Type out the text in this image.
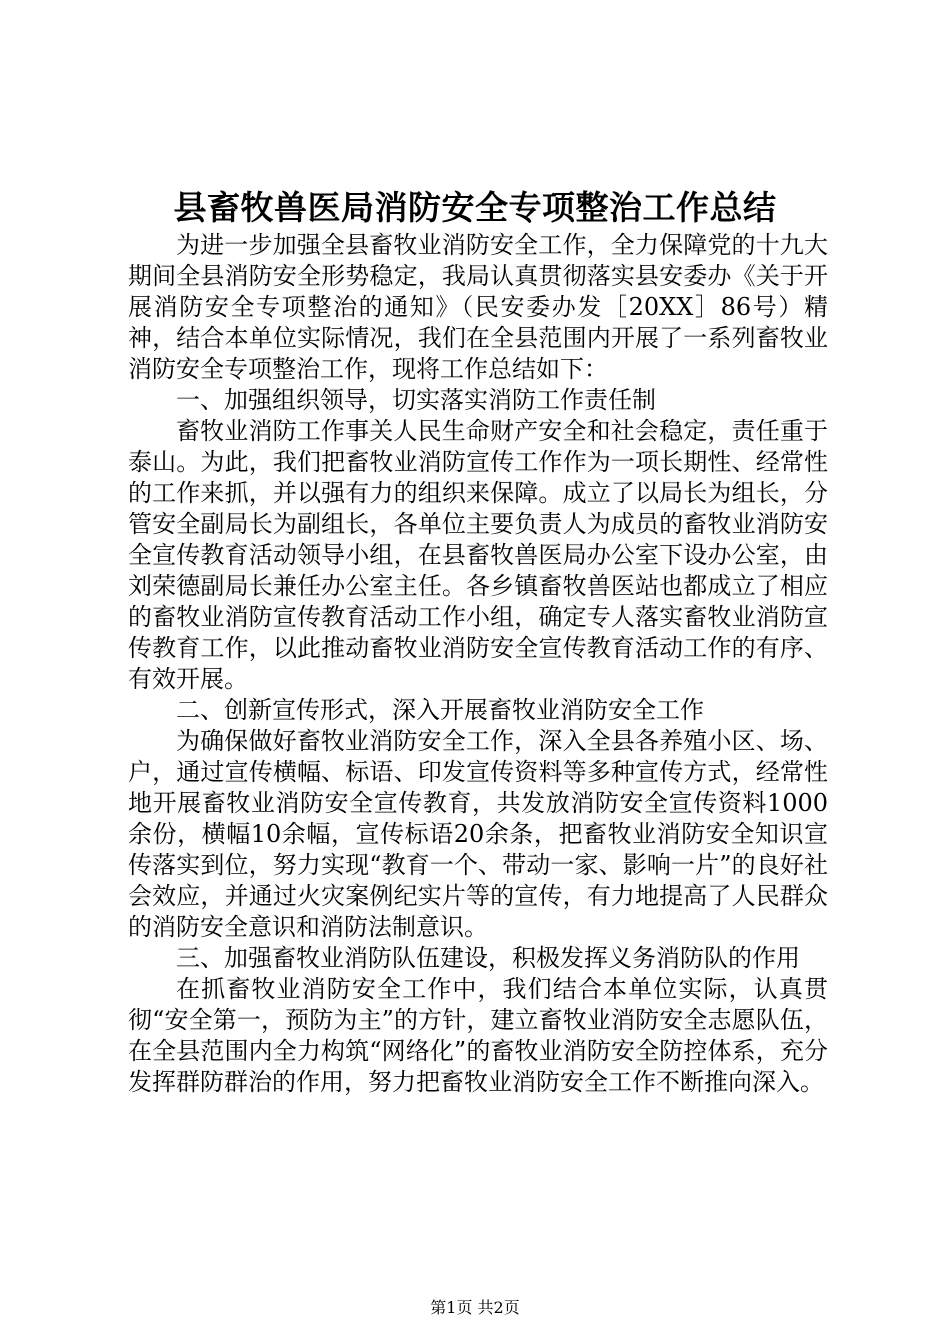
县畜牧兽医局消防安全专项整治工作总结

为进一步加强全县畜牧业消防安全工作，全力保障党的十九大期间全县消防安全形势稳定，我局认真贯彻落实县安委办《关于开展消防安全专项整治的通知》（民安委办发［20XX］86号）精神，结合本单位实际情况，我们在全县范围内开展了一系列畜牧业消防安全专项整治工作，现将工作总结如下：

一、加强组织领导，切实落实消防工作责任制

畜牧业消防工作事关人民生命财产安全和社会稳定，责任重于泰山。为此，我们把畜牧业消防宣传工作作为一项长期性、经常性的工作来抓，并以强有力的组织来保障。成立了以局长为组长，分管安全副局长为副组长，各单位主要负责人为成员的畜牧业消防安全宣传教育活动领导小组，在县畜牧兽医局办公室下设办公室，由刘荣德副局长兼任办公室主任。各乡镇畜牧兽医站也都成立了相应的畜牧业消防宣传教育活动工作小组，确定专人落实畜牧业消防宣传教育工作，以此推动畜牧业消防安全宣传教育活动工作的有序、有效开展。

二、创新宣传形式，深入开展畜牧业消防安全工作

为确保做好畜牧业消防安全工作，深入全县各养殖小区、场、户，通过宣传横幅、标语、印发宣传资料等多种宣传方式，经常性地开展畜牧业消防安全宣传教育，共发放消防安全宣传资料1000余份，横幅10余幅，宣传标语20余条，把畜牧业消防安全知识宣传落实到位，努力实现“教育一个、带动一家、影响一片”的良好社会效应，并通过火灾案例纪实片等的宣传，有力地提高了人民群众的消防安全意识和消防法制意识。

三、加强畜牧业消防队伍建设，积极发挥义务消防队的作用

在抓畜牧业消防安全工作中，我们结合本单位实际，认真贯彻“安全第一，预防为主”的方针，建立畜牧业消防安全志愿队伍，在全县范围内全力构筑“网络化”的畜牧业消防安全防控体系，充分发挥群防群治的作用，努力把畜牧业消防安全工作不断推向深入。

第1页 共2页
